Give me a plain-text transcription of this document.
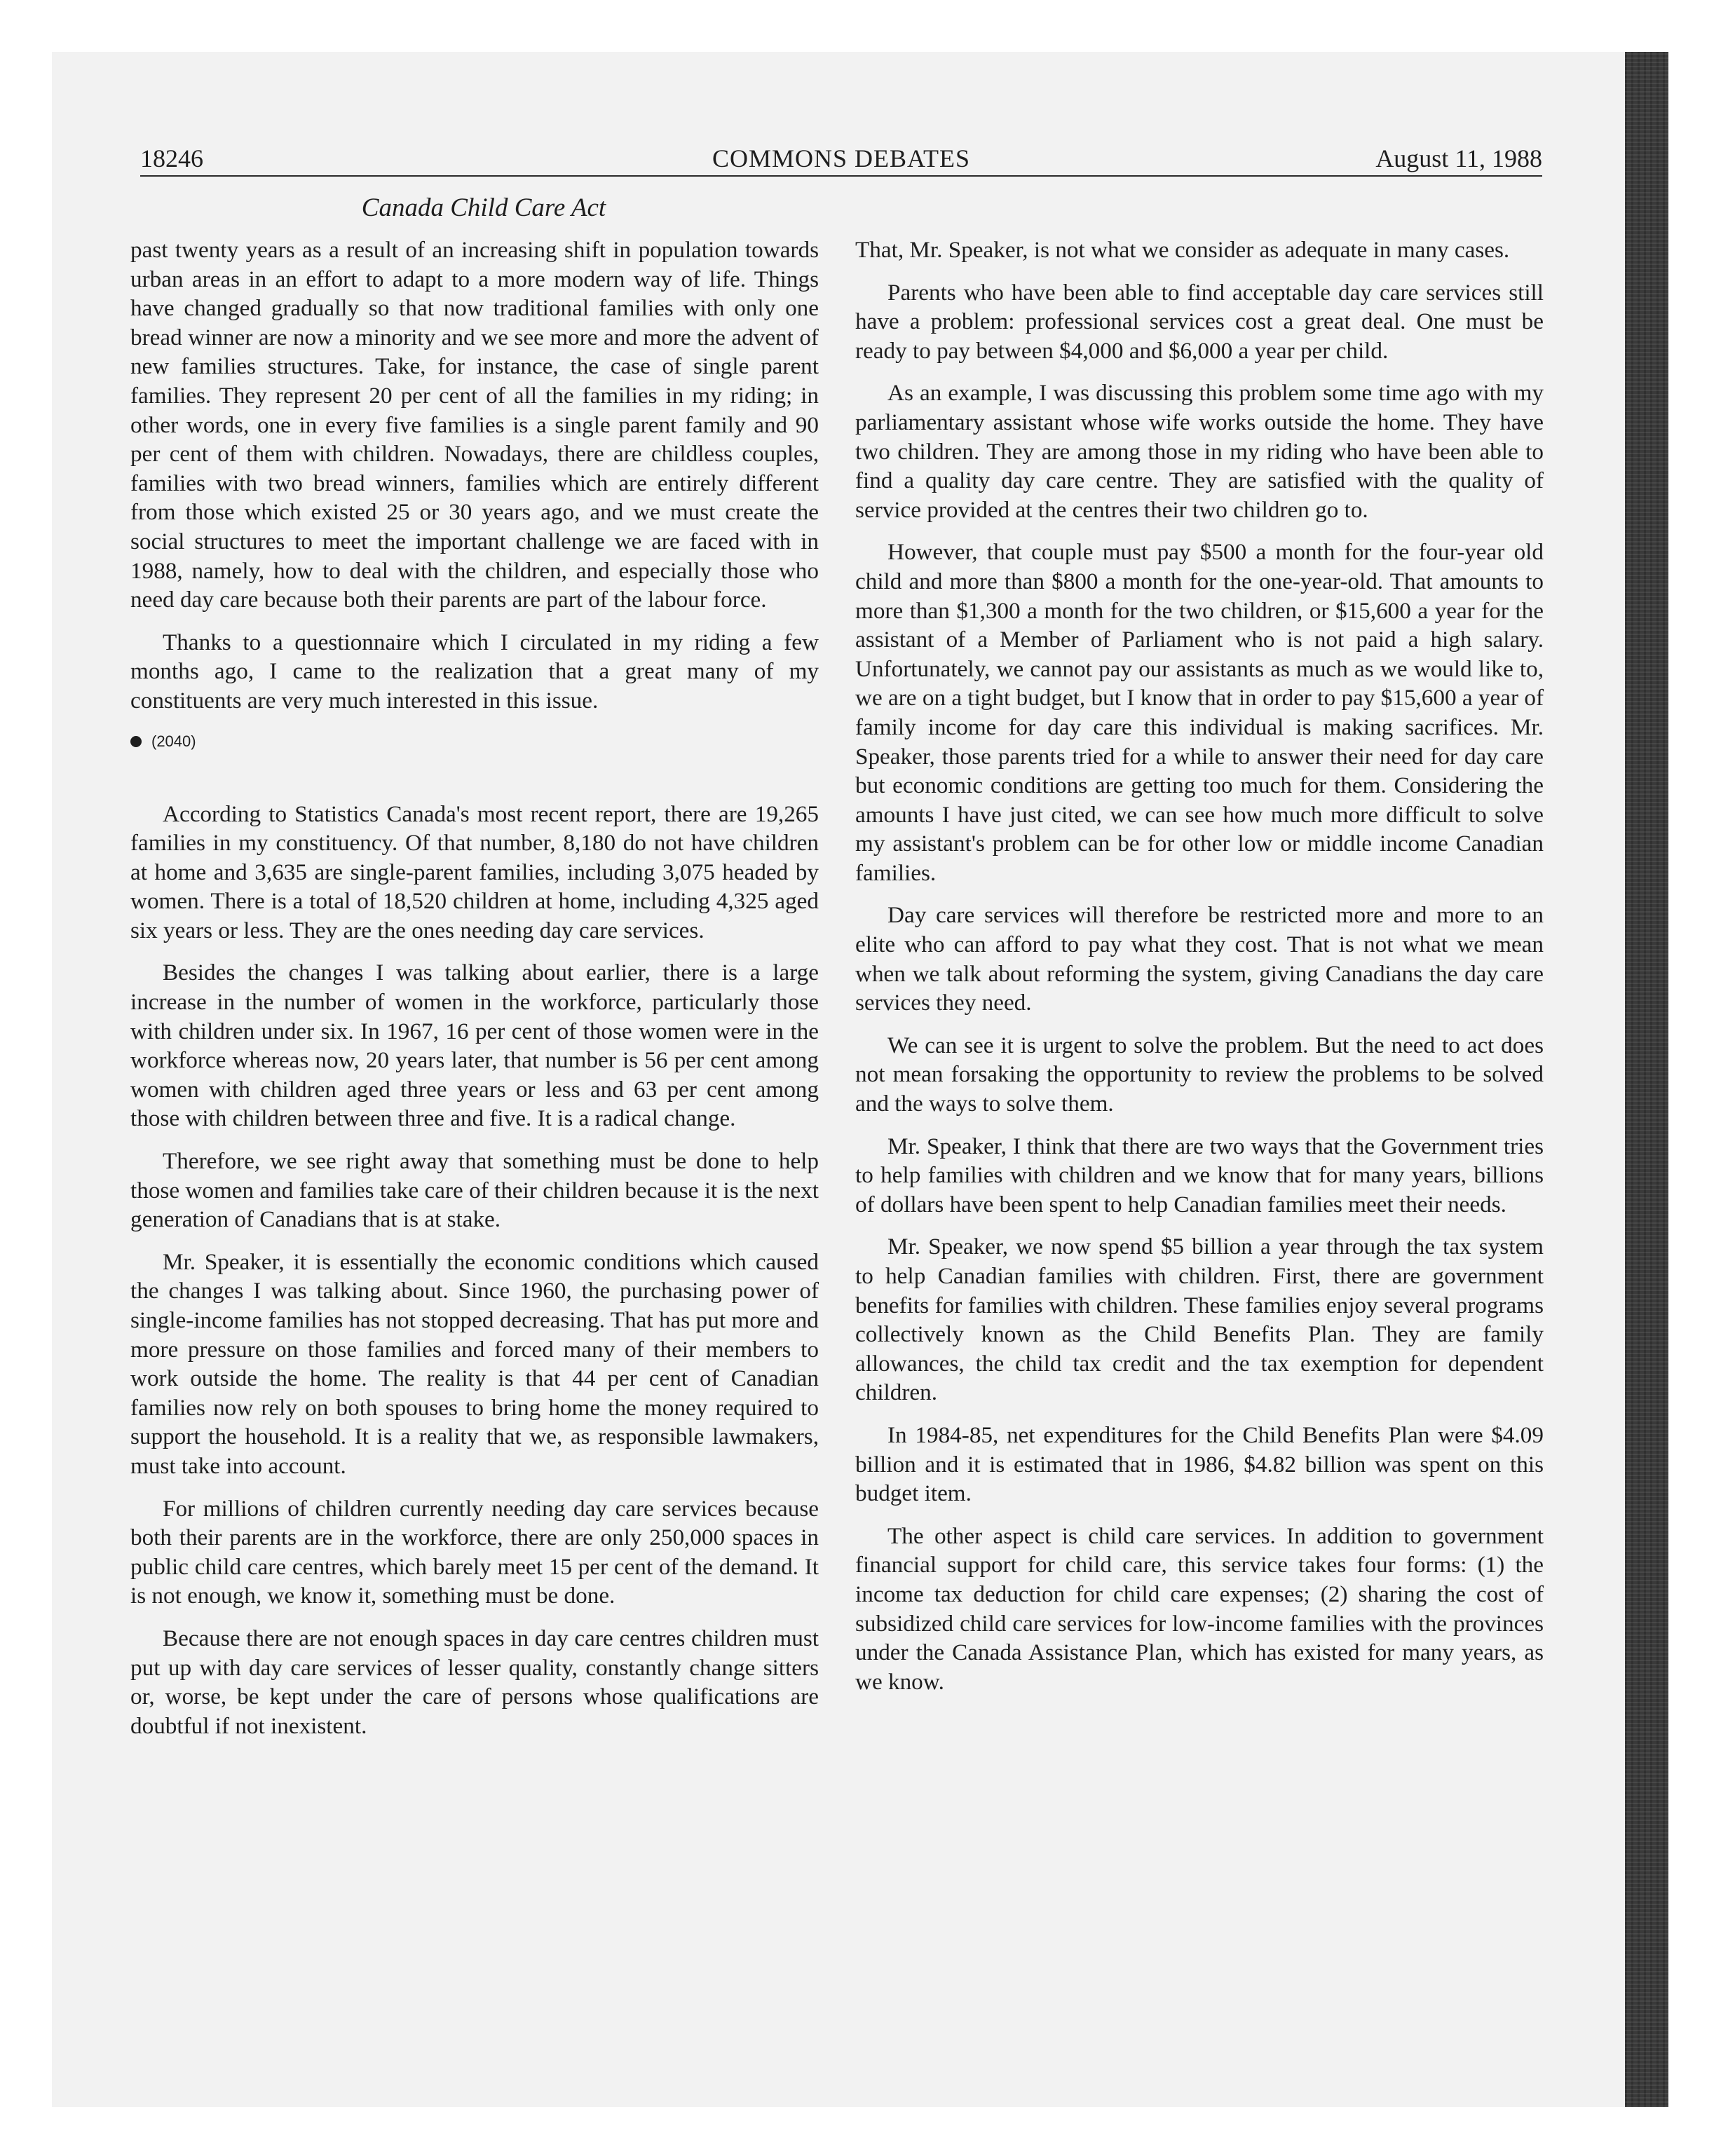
18246	COMMONS DEBATES	August 11, 1988
Canada Child Care Act

past twenty years as a result of an increasing shift in population towards urban areas in an effort to adapt to a more modern way of life. Things have changed gradually so that now traditional families with only one bread winner are now a minority and we see more and more the advent of new families structures. Take, for instance, the case of single parent families. They represent 20 per cent of all the families in my riding; in other words, one in every five families is a single parent family and 90 per cent of them with children. Nowadays, there are childless couples, families with two bread winners, families which are entirely different from those which existed 25 or 30 years ago, and we must create the social structures to meet the important challenge we are faced with in 1988, namely, how to deal with the children, and especially those who need day care because both their parents are part of the labour force.

Thanks to a questionnaire which I circulated in my riding a few months ago, I came to the realization that a great many of my constituents are very much interested in this issue.

(2040)

According to Statistics Canada's most recent report, there are 19,265 families in my constituency. Of that number, 8,180 do not have children at home and 3,635 are single-parent families, including 3,075 headed by women. There is a total of 18,520 children at home, including 4,325 aged six years or less. They are the ones needing day care services.

Besides the changes I was talking about earlier, there is a large increase in the number of women in the workforce, particularly those with children under six. In 1967, 16 per cent of those women were in the workforce whereas now, 20 years later, that number is 56 per cent among women with children aged three years or less and 63 per cent among those with children between three and five. It is a radical change.

Therefore, we see right away that something must be done to help those women and families take care of their children because it is the next generation of Canadians that is at stake.

Mr. Speaker, it is essentially the economic conditions which caused the changes I was talking about. Since 1960, the purchasing power of single-income families has not stopped decreasing. That has put more and more pressure on those families and forced many of their members to work outside the home. The reality is that 44 per cent of Canadian families now rely on both spouses to bring home the money required to support the household. It is a reality that we, as responsible lawmakers, must take into account.

For millions of children currently needing day care services because both their parents are in the workforce, there are only 250,000 spaces in public child care centres, which barely meet 15 per cent of the demand. It is not enough, we know it, something must be done.

Because there are not enough spaces in day care centres children must put up with day care services of lesser quality, constantly change sitters or, worse, be kept under the care of persons whose qualifications are doubtful if not inexistent.

That, Mr. Speaker, is not what we consider as adequate in many cases.

Parents who have been able to find acceptable day care services still have a problem: professional services cost a great deal. One must be ready to pay between $4,000 and $6,000 a year per child.

As an example, I was discussing this problem some time ago with my parliamentary assistant whose wife works outside the home. They have two children. They are among those in my riding who have been able to find a quality day care centre. They are satisfied with the quality of service provided at the centres their two children go to.

However, that couple must pay $500 a month for the four-year old child and more than $800 a month for the one-year-old. That amounts to more than $1,300 a month for the two children, or $15,600 a year for the assistant of a Member of Parliament who is not paid a high salary. Unfortunately, we cannot pay our assistants as much as we would like to, we are on a tight budget, but I know that in order to pay $15,600 a year of family income for day care this individual is making sacrifices. Mr. Speaker, those parents tried for a while to answer their need for day care but economic conditions are getting too much for them. Considering the amounts I have just cited, we can see how much more difficult to solve my assistant's problem can be for other low or middle income Canadian families.

Day care services will therefore be restricted more and more to an elite who can afford to pay what they cost. That is not what we mean when we talk about reforming the system, giving Canadians the day care services they need.

We can see it is urgent to solve the problem. But the need to act does not mean forsaking the opportunity to review the problems to be solved and the ways to solve them.

Mr. Speaker, I think that there are two ways that the Government tries to help families with children and we know that for many years, billions of dollars have been spent to help Canadian families meet their needs.

Mr. Speaker, we now spend $5 billion a year through the tax system to help Canadian families with children. First, there are government benefits for families with children. These families enjoy several programs collectively known as the Child Benefits Plan. They are family allowances, the child tax credit and the tax exemption for dependent children.

In 1984-85, net expenditures for the Child Benefits Plan were $4.09 billion and it is estimated that in 1986, $4.82 billion was spent on this budget item.

The other aspect is child care services. In addition to government financial support for child care, this service takes four forms: (1) the income tax deduction for child care expenses; (2) sharing the cost of subsidized child care services for low-income families with the provinces under the Canada Assistance Plan, which has existed for many years, as we know.
